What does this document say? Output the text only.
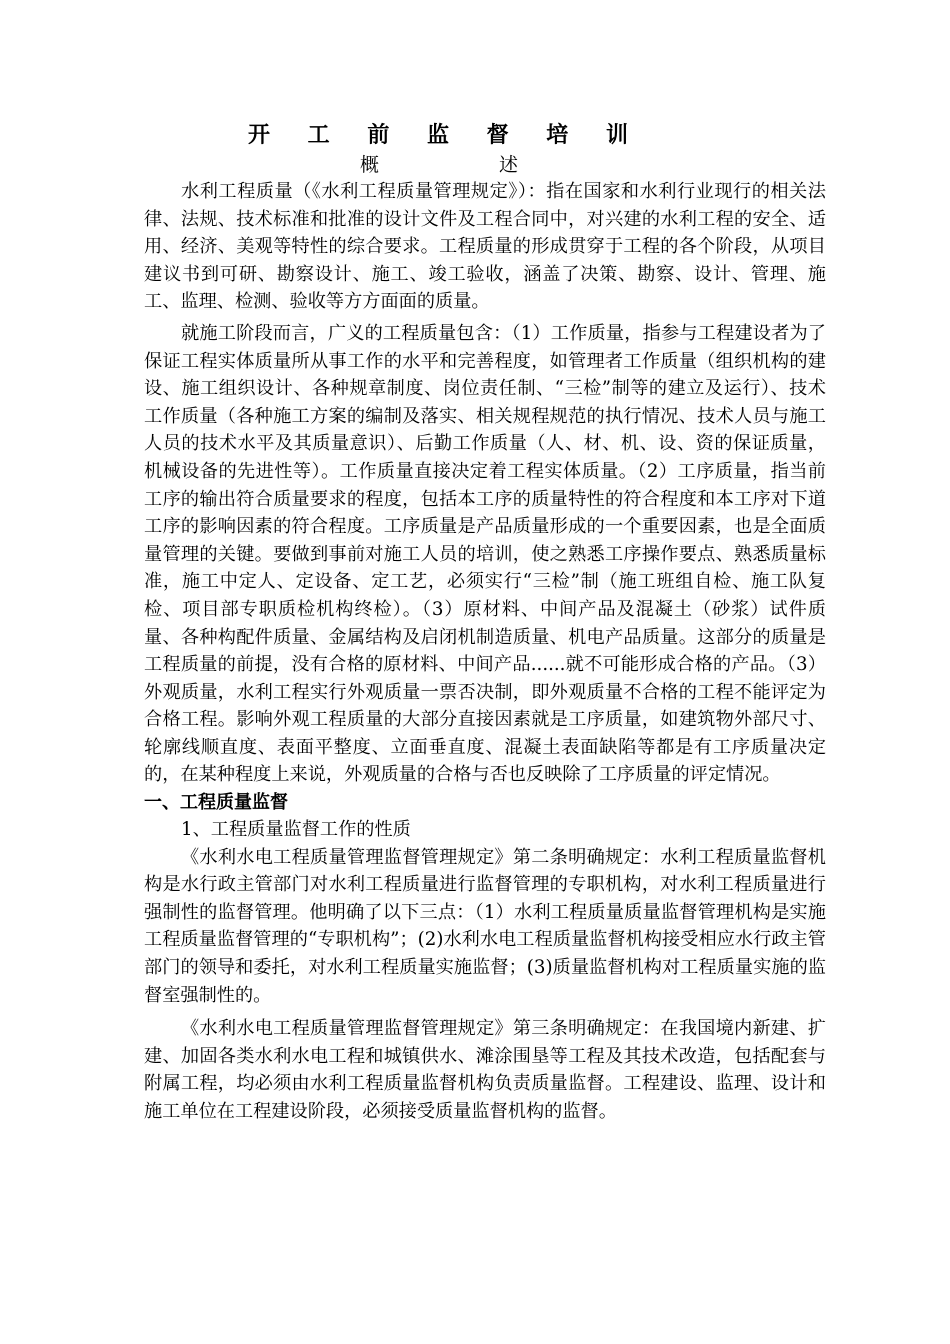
开 工 前 监 督 培 训
概	述

水利工程质量（《水利工程质量管理规定》）：指在国家和水利行业现行的相关法律、法规、技术标准和批准的设计文件及工程合同中，对兴建的水利工程的安全、适用、经济、美观等特性的综合要求。工程质量的形成贯穿于工程的各个阶段，从项目建议书到可研、勘察设计、施工、竣工验收，涵盖了决策、勘察、设计、管理、施工、监理、检测、验收等方方面面的质量。

就施工阶段而言，广义的工程质量包含：（1）工作质量，指参与工程建设者为了保证工程实体质量所从事工作的水平和完善程度，如管理者工作质量（组织机构的建设、施工组织设计、各种规章制度、岗位责任制、“三检”制等的建立及运行）、技术工作质量（各种施工方案的编制及落实、相关规程规范的执行情况、技术人员与施工人员的技术水平及其质量意识）、后勤工作质量（人、材、机、设、资的保证质量，机械设备的先进性等）。工作质量直接决定着工程实体质量。（2）工序质量，指当前工序的输出符合质量要求的程度，包括本工序的质量特性的符合程度和本工序对下道工序的影响因素的符合程度。工序质量是产品质量形成的一个重要因素，也是全面质量管理的关键。要做到事前对施工人员的培训，使之熟悉工序操作要点、熟悉质量标准，施工中定人、定设备、定工艺，必须实行“三检”制（施工班组自检、施工队复检、项目部专职质检机构终检）。（3）原材料、中间产品及混凝土（砂浆）试件质量、各种构配件质量、金属结构及启闭机制造质量、机电产品质量。这部分的质量是工程质量的前提，没有合格的原材料、中间产品......就不可能形成合格的产品。（3）外观质量，水利工程实行外观质量一票否决制，即外观质量不合格的工程不能评定为合格工程。影响外观工程质量的大部分直接因素就是工序质量，如建筑物外部尺寸、轮廓线顺直度、表面平整度、立面垂直度、混凝土表面缺陷等都是有工序质量决定的，在某种程度上来说，外观质量的合格与否也反映除了工序质量的评定情况。

一、工程质量监督

1、工程质量监督工作的性质

《水利水电工程质量管理监督管理规定》第二条明确规定：水利工程质量监督机构是水行政主管部门对水利工程质量进行监督管理的专职机构，对水利工程质量进行强制性的监督管理。他明确了以下三点：（1）水利工程质量质量监督管理机构是实施工程质量监督管理的“专职机构”；(2)水利水电工程质量监督机构接受相应水行政主管部门的领导和委托，对水利工程质量实施监督；(3)质量监督机构对工程质量实施的监督室强制性的。

《水利水电工程质量管理监督管理规定》第三条明确规定：在我国境内新建、扩建、加固各类水利水电工程和城镇供水、滩涂围垦等工程及其技术改造，包括配套与附属工程，均必须由水利工程质量监督机构负责质量监督。工程建设、监理、设计和施工单位在工程建设阶段，必须接受质量监督机构的监督。
